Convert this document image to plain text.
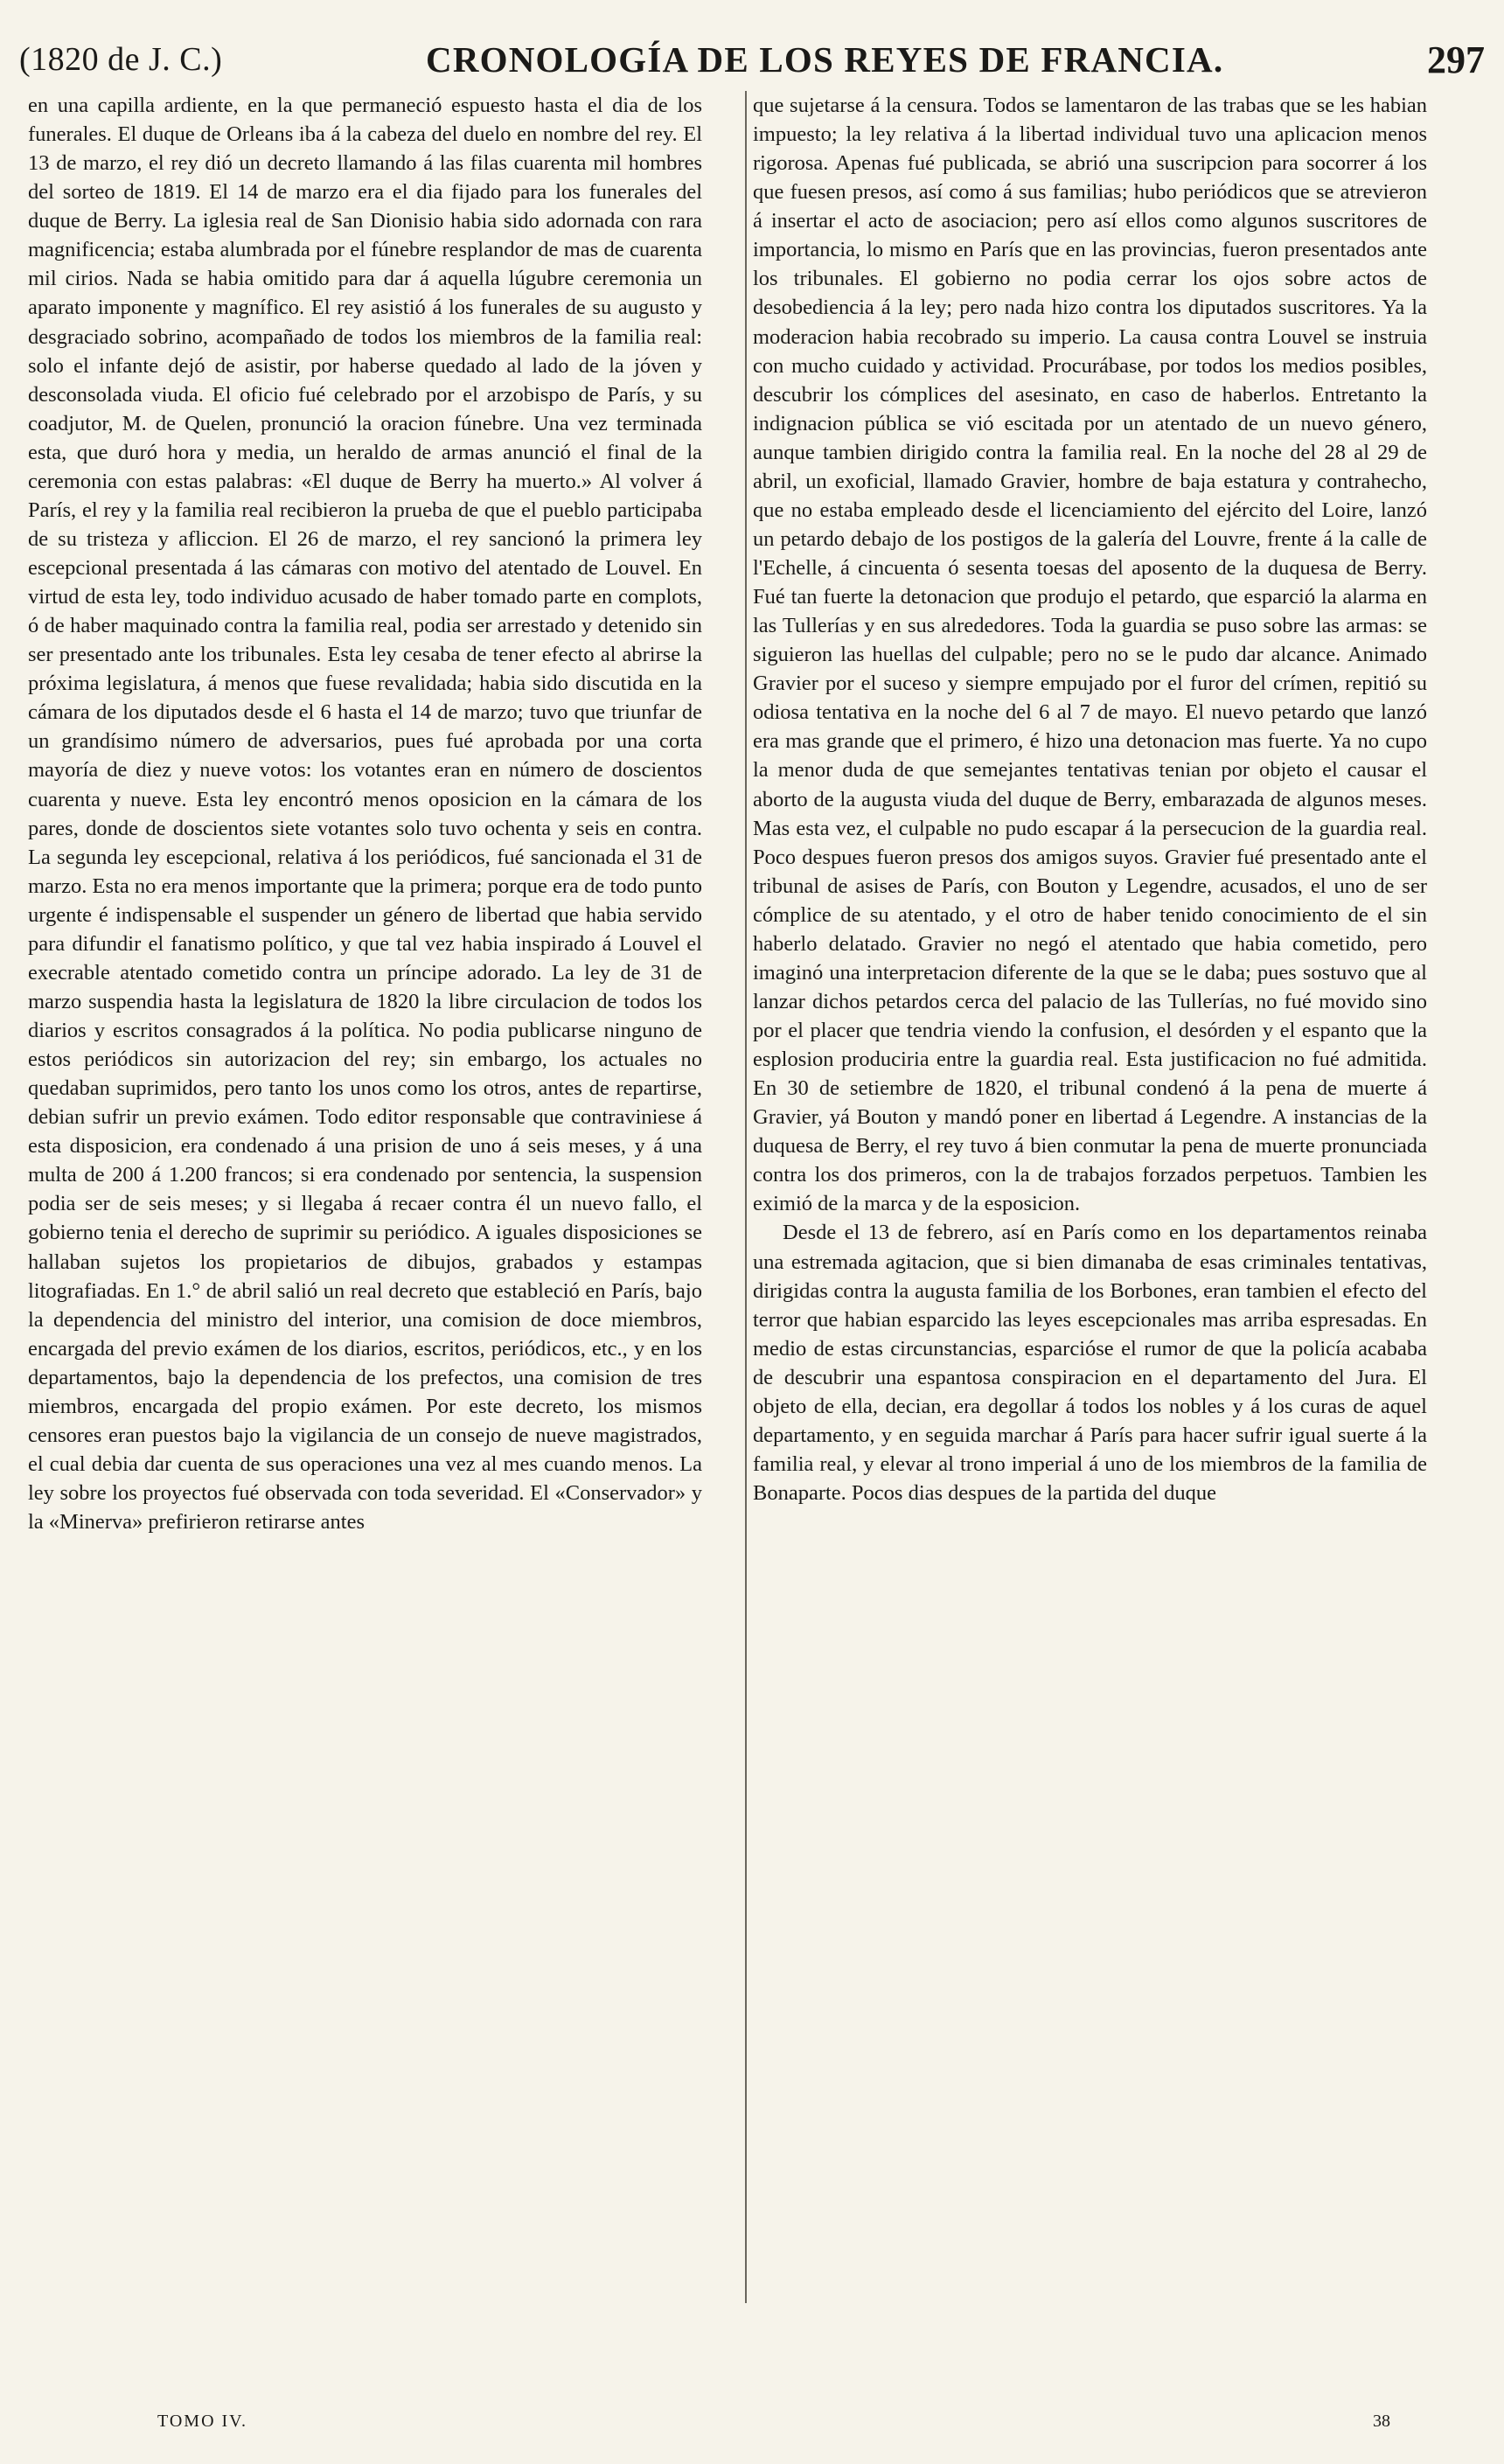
(1820 de J. C.)	CRONOLOGÍA DE LOS REYES DE FRANCIA.	297

en una capilla ardiente, en la que permaneció espuesto hasta el dia de los funerales. El duque de Orleans iba á la cabeza del duelo en nombre del rey. El 13 de marzo, el rey dió un decreto llamando á las filas cuarenta mil hombres del sorteo de 1819. El 14 de marzo era el dia fijado para los funerales del duque de Berry. La iglesia real de San Dionisio habia sido adornada con rara magnificencia; estaba alumbrada por el fúnebre resplandor de mas de cuarenta mil cirios. Nada se habia omitido para dar á aquella lúgubre ceremonia un aparato imponente y magnífico. El rey asistió á los funerales de su augusto y desgraciado sobrino, acompañado de todos los miembros de la familia real: solo el infante dejó de asistir, por haberse quedado al lado de la jóven y desconsolada viuda. El oficio fué celebrado por el arzobispo de París, y su coadjutor, M. de Quelen, pronunció la oracion fúnebre. Una vez terminada esta, que duró hora y media, un heraldo de armas anunció el final de la ceremonia con estas palabras: «El duque de Berry ha muerto.» Al volver á París, el rey y la familia real recibieron la prueba de que el pueblo participaba de su tristeza y afliccion. El 26 de marzo, el rey sancionó la primera ley escepcional presentada á las cámaras con motivo del atentado de Louvel. En virtud de esta ley, todo individuo acusado de haber tomado parte en complots, ó de haber maquinado contra la familia real, podia ser arrestado y detenido sin ser presentado ante los tribunales. Esta ley cesaba de tener efecto al abrirse la próxima legislatura, á menos que fuese revalidada; habia sido discutida en la cámara de los diputados desde el 6 hasta el 14 de marzo; tuvo que triunfar de un grandísimo número de adversarios, pues fué aprobada por una corta mayoría de diez y nueve votos: los votantes eran en número de doscientos cuarenta y nueve. Esta ley encontró menos oposicion en la cámara de los pares, donde de doscientos siete votantes solo tuvo ochenta y seis en contra. La segunda ley escepcional, relativa á los periódicos, fué sancionada el 31 de marzo. Esta no era menos importante que la primera; porque era de todo punto urgente é indispensable el suspender un género de libertad que habia servido para difundir el fanatismo político, y que tal vez habia inspirado á Louvel el execrable atentado cometido contra un príncipe adorado. La ley de 31 de marzo suspendia hasta la legislatura de 1820 la libre circulacion de todos los diarios y escritos consagrados á la política. No podia publicarse ninguno de estos periódicos sin autorizacion del rey; sin embargo, los actuales no quedaban suprimidos, pero tanto los unos como los otros, antes de repartirse, debian sufrir un previo exámen. Todo editor responsable que contraviniese á esta disposicion, era condenado á una prision de uno á seis meses, y á una multa de 200 á 1.200 francos; si era condenado por sentencia, la suspension podia ser de seis meses; y si llegaba á recaer contra él un nuevo fallo, el gobierno tenia el derecho de suprimir su periódico. A iguales disposiciones se hallaban sujetos los propietarios de dibujos, grabados y estampas litografiadas. En 1.° de abril salió un real decreto que estableció en París, bajo la dependencia del ministro del interior, una comision de doce miembros, encargada del previo exámen de los diarios, escritos, periódicos, etc., y en los departamentos, bajo la dependencia de los prefectos, una comision de tres miembros, encargada del propio exámen. Por este decreto, los mismos censores eran puestos bajo la vigilancia de un consejo de nueve magistrados, el cual debia dar cuenta de sus operaciones una vez al mes cuando menos. La ley sobre los proyectos fué observada con toda severidad. El «Conservador» y la «Minerva» prefirieron retirarse antes

que sujetarse á la censura. Todos se lamentaron de las trabas que se les habian impuesto; la ley relativa á la libertad individual tuvo una aplicacion menos rigorosa. Apenas fué publicada, se abrió una suscripcion para socorrer á los que fuesen presos, así como á sus familias; hubo periódicos que se atrevieron á insertar el acto de asociacion; pero así ellos como algunos suscritores de importancia, lo mismo en París que en las provincias, fueron presentados ante los tribunales. El gobierno no podia cerrar los ojos sobre actos de desobediencia á la ley; pero nada hizo contra los diputados suscritores. Ya la moderacion habia recobrado su imperio. La causa contra Louvel se instruia con mucho cuidado y actividad. Procurábase, por todos los medios posibles, descubrir los cómplices del asesinato, en caso de haberlos. Entretanto la indignacion pública se vió escitada por un atentado de un nuevo género, aunque tambien dirigido contra la familia real. En la noche del 28 al 29 de abril, un exoficial, llamado Gravier, hombre de baja estatura y contrahecho, que no estaba empleado desde el licenciamiento del ejército del Loire, lanzó un petardo debajo de los postigos de la galería del Louvre, frente á la calle de l'Echelle, á cincuenta ó sesenta toesas del aposento de la duquesa de Berry. Fué tan fuerte la detonacion que produjo el petardo, que esparció la alarma en las Tullerías y en sus alrededores. Toda la guardia se puso sobre las armas: se siguieron las huellas del culpable; pero no se le pudo dar alcance. Animado Gravier por el suceso y siempre empujado por el furor del crímen, repitió su odiosa tentativa en la noche del 6 al 7 de mayo. El nuevo petardo que lanzó era mas grande que el primero, é hizo una detonacion mas fuerte. Ya no cupo la menor duda de que semejantes tentativas tenian por objeto el causar el aborto de la augusta viuda del duque de Berry, embarazada de algunos meses. Mas esta vez, el culpable no pudo escapar á la persecucion de la guardia real. Poco despues fueron presos dos amigos suyos. Gravier fué presentado ante el tribunal de asises de París, con Bouton y Legendre, acusados, el uno de ser cómplice de su atentado, y el otro de haber tenido conocimiento de el sin haberlo delatado. Gravier no negó el atentado que habia cometido, pero imaginó una interpretacion diferente de la que se le daba; pues sostuvo que al lanzar dichos petardos cerca del palacio de las Tullerías, no fué movido sino por el placer que tendria viendo la confusion, el desórden y el espanto que la esplosion produciria entre la guardia real. Esta justificacion no fué admitida. En 30 de setiembre de 1820, el tribunal condenó á la pena de muerte á Gravier, yá Bouton y mandó poner en libertad á Legendre. A instancias de la duquesa de Berry, el rey tuvo á bien conmutar la pena de muerte pronunciada contra los dos primeros, con la de trabajos forzados perpetuos. Tambien les eximió de la marca y de la esposicion.

Desde el 13 de febrero, así en París como en los departamentos reinaba una estremada agitacion, que si bien dimanaba de esas criminales tentativas, dirigidas contra la augusta familia de los Borbones, eran tambien el efecto del terror que habian esparcido las leyes escepcionales mas arriba espresadas. En medio de estas circunstancias, esparcióse el rumor de que la policía acababa de descubrir una espantosa conspiracion en el departamento del Jura. El objeto de ella, decian, era degollar á todos los nobles y á los curas de aquel departamento, y en seguida marchar á París para hacer sufrir igual suerte á la familia real, y elevar al trono imperial á uno de los miembros de la familia de Bonaparte. Pocos dias despues de la partida del duque

TOMO IV.	38
